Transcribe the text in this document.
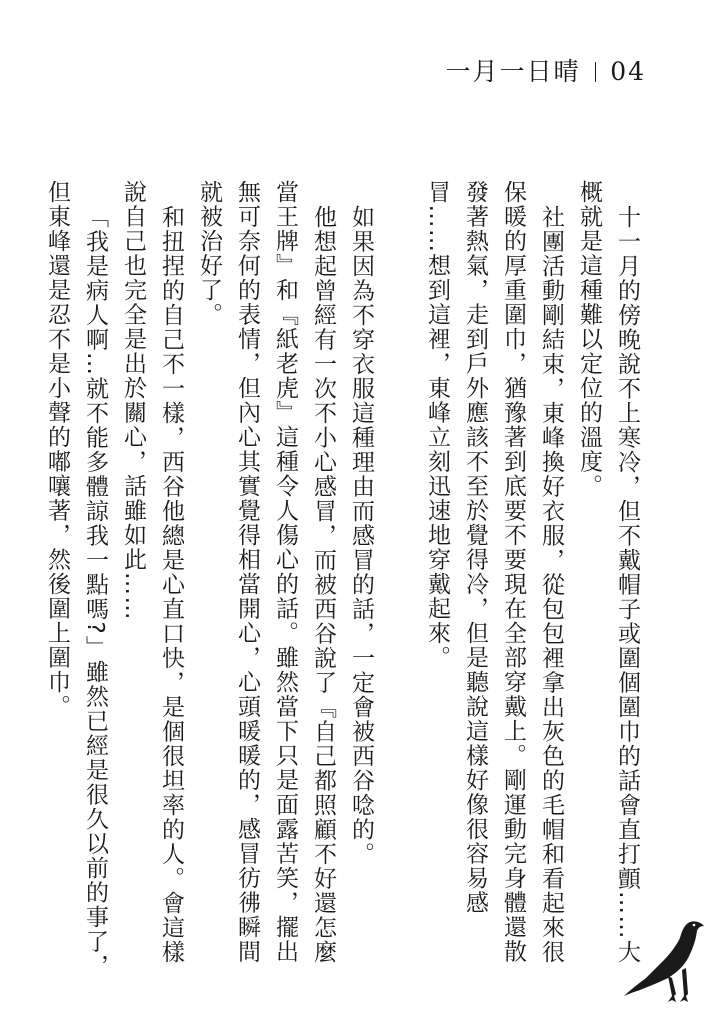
一月一日晴 04

十一月的傍晚說不上寒冷，但不戴帽子或圍個圍巾的話會直打顫……大概就是這種難以定位的溫度。

社團活動剛結束，東峰換好衣服，從包包裡拿出灰色的毛帽和看起來很保暖的厚重圍巾，猶豫著到底要不要現在全部穿戴上。剛運動完身體還散發著熱氣，走到戶外應該不至於覺得冷，但是聽說這樣好像很容易感冒……想到這裡，東峰立刻迅速地穿戴起來。

如果因為不穿衣服這種理由而感冒的話，一定會被西谷唸的。

他想起曾經有一次不小心感冒，而被西谷說了『自己都照顧不好還怎麼當王牌』和『紙老虎』這種令人傷心的話。雖然當下只是面露苦笑，擺出無可奈何的表情，但內心其實覺得相當開心，心頭暖暖的，感冒彷彿瞬間就被治好了。

和扭捏的自己不一樣，西谷他總是心直口快，是個很坦率的人。會這樣說自己也完全是出於關心，話雖如此……

「我是病人啊…就不能多體諒我一點嗎?」雖然已經是很久以前的事了，但東峰還是忍不是小聲的嘟嚷著，然後圍上圍巾。
